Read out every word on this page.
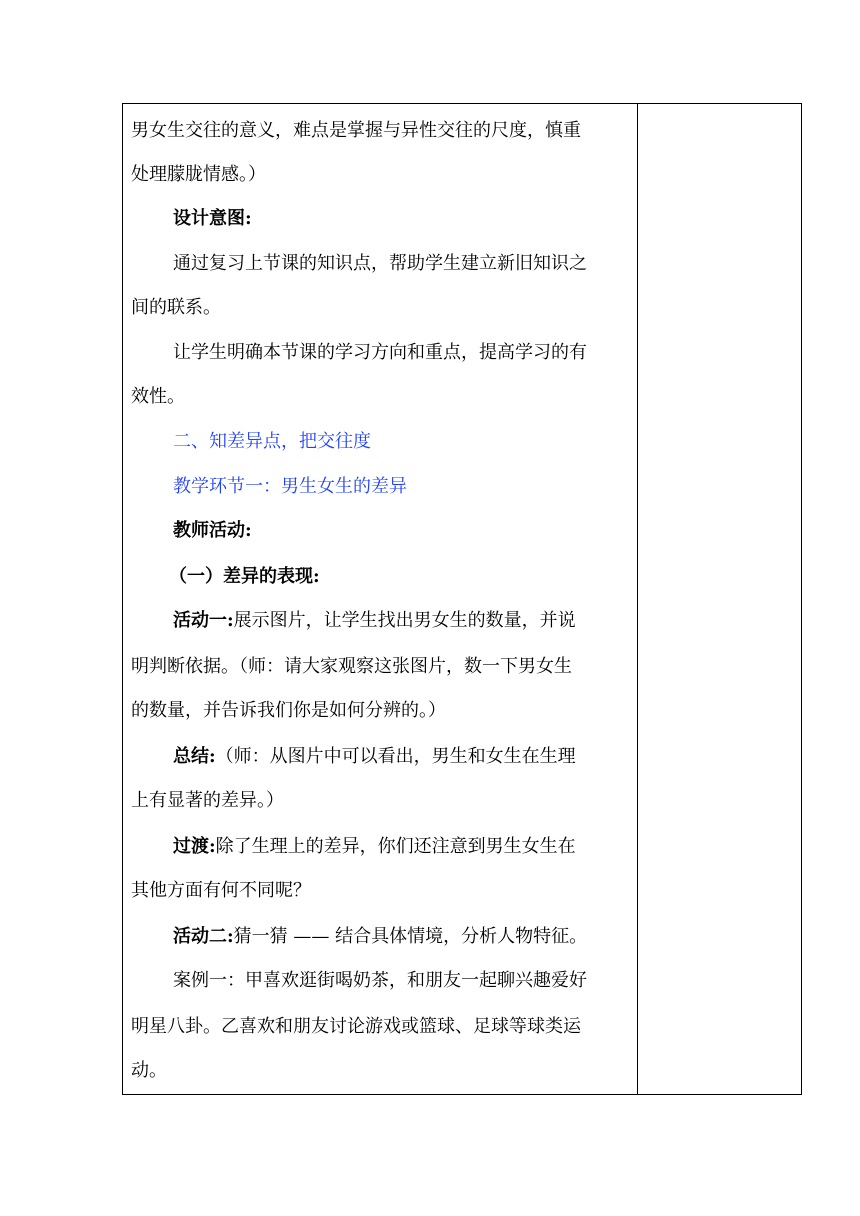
男女生交往的意义，难点是掌握与异性交往的尺度，慎重
处理朦胧情感。）
设计意图:
通过复习上节课的知识点，帮助学生建立新旧知识之
间的联系。
让学生明确本节课的学习方向和重点，提高学习的有
效性。
二、知差异点，把交往度
教学环节一：男生女生的差异
教师活动:
（一）差异的表现:
活动一:展示图片，让学生找出男女生的数量，并说
明判断依据。（师：请大家观察这张图片，数一下男女生
的数量，并告诉我们你是如何分辨的。）
总结:（师：从图片中可以看出，男生和女生在生理
上有显著的差异。）
过渡:除了生理上的差异，你们还注意到男生女生在
其他方面有何不同呢？
活动二:猜一猜 —— 结合具体情境，分析人物特征。
案例一：甲喜欢逛街喝奶茶，和朋友一起聊兴趣爱好
明星八卦。乙喜欢和朋友讨论游戏或篮球、足球等球类运
动。
